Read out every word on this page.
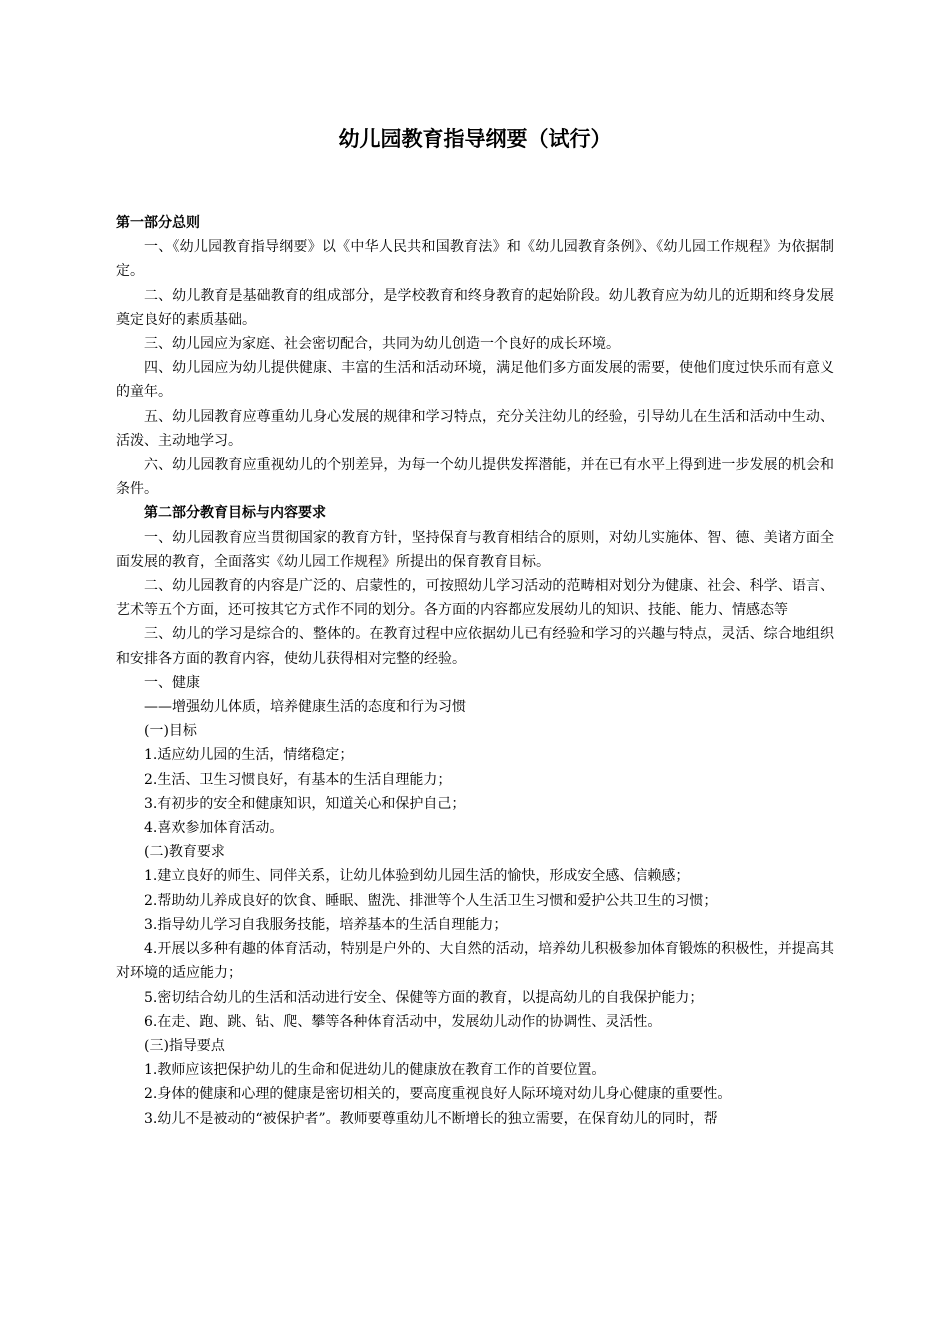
幼儿园教育指导纲要（试行）
第一部分总则

一、《幼儿园教育指导纲要》以《中华人民共和国教育法》和《幼儿园教育条例》、《幼儿园工作规程》为依据制定。

二、幼儿教育是基础教育的组成部分，是学校教育和终身教育的起始阶段。幼儿教育应为幼儿的近期和终身发展奠定良好的素质基础。

三、幼儿园应为家庭、社会密切配合，共同为幼儿创造一个良好的成长环境。

四、幼儿园应为幼儿提供健康、丰富的生活和活动环境，满足他们多方面发展的需要，使他们度过快乐而有意义的童年。

五、幼儿园教育应尊重幼儿身心发展的规律和学习特点，充分关注幼儿的经验，引导幼儿在生活和活动中生动、活泼、主动地学习。

六、幼儿园教育应重视幼儿的个别差异，为每一个幼儿提供发挥潜能，并在已有水平上得到进一步发展的机会和条件。

第二部分教育目标与内容要求

一、幼儿园教育应当贯彻国家的教育方针，坚持保育与教育相结合的原则，对幼儿实施体、智、德、美诸方面全面发展的教育，全面落实《幼儿园工作规程》所提出的保育教育目标。

二、幼儿园教育的内容是广泛的、启蒙性的，可按照幼儿学习活动的范畴相对划分为健康、社会、科学、语言、艺术等五个方面，还可按其它方式作不同的划分。各方面的内容都应发展幼儿的知识、技能、能力、情感态等

三、幼儿的学习是综合的、整体的。在教育过程中应依据幼儿已有经验和学习的兴趣与特点，灵活、综合地组织和安排各方面的教育内容，使幼儿获得相对完整的经验。

一、健康

——增强幼儿体质，培养健康生活的态度和行为习惯

(一)目标

1.适应幼儿园的生活，情绪稳定；

2.生活、卫生习惯良好，有基本的生活自理能力；

3.有初步的安全和健康知识，知道关心和保护自己；

4.喜欢参加体育活动。

(二)教育要求

1.建立良好的师生、同伴关系，让幼儿体验到幼儿园生活的愉快，形成安全感、信赖感；

2.帮助幼儿养成良好的饮食、睡眠、盥洗、排泄等个人生活卫生习惯和爱护公共卫生的习惯；

3.指导幼儿学习自我服务技能，培养基本的生活自理能力；

4.开展以多种有趣的体育活动，特别是户外的、大自然的活动，培养幼儿积极参加体育锻炼的积极性，并提高其对环境的适应能力；

5.密切结合幼儿的生活和活动进行安全、保健等方面的教育，以提高幼儿的自我保护能力；

6.在走、跑、跳、钻、爬、攀等各种体育活动中，发展幼儿动作的协调性、灵活性。

(三)指导要点

1.教师应该把保护幼儿的生命和促进幼儿的健康放在教育工作的首要位置。

2.身体的健康和心理的健康是密切相关的，要高度重视良好人际环境对幼儿身心健康的重要性。

3.幼儿不是被动的“被保护者”。教师要尊重幼儿不断增长的独立需要，在保育幼儿的同时，帮
